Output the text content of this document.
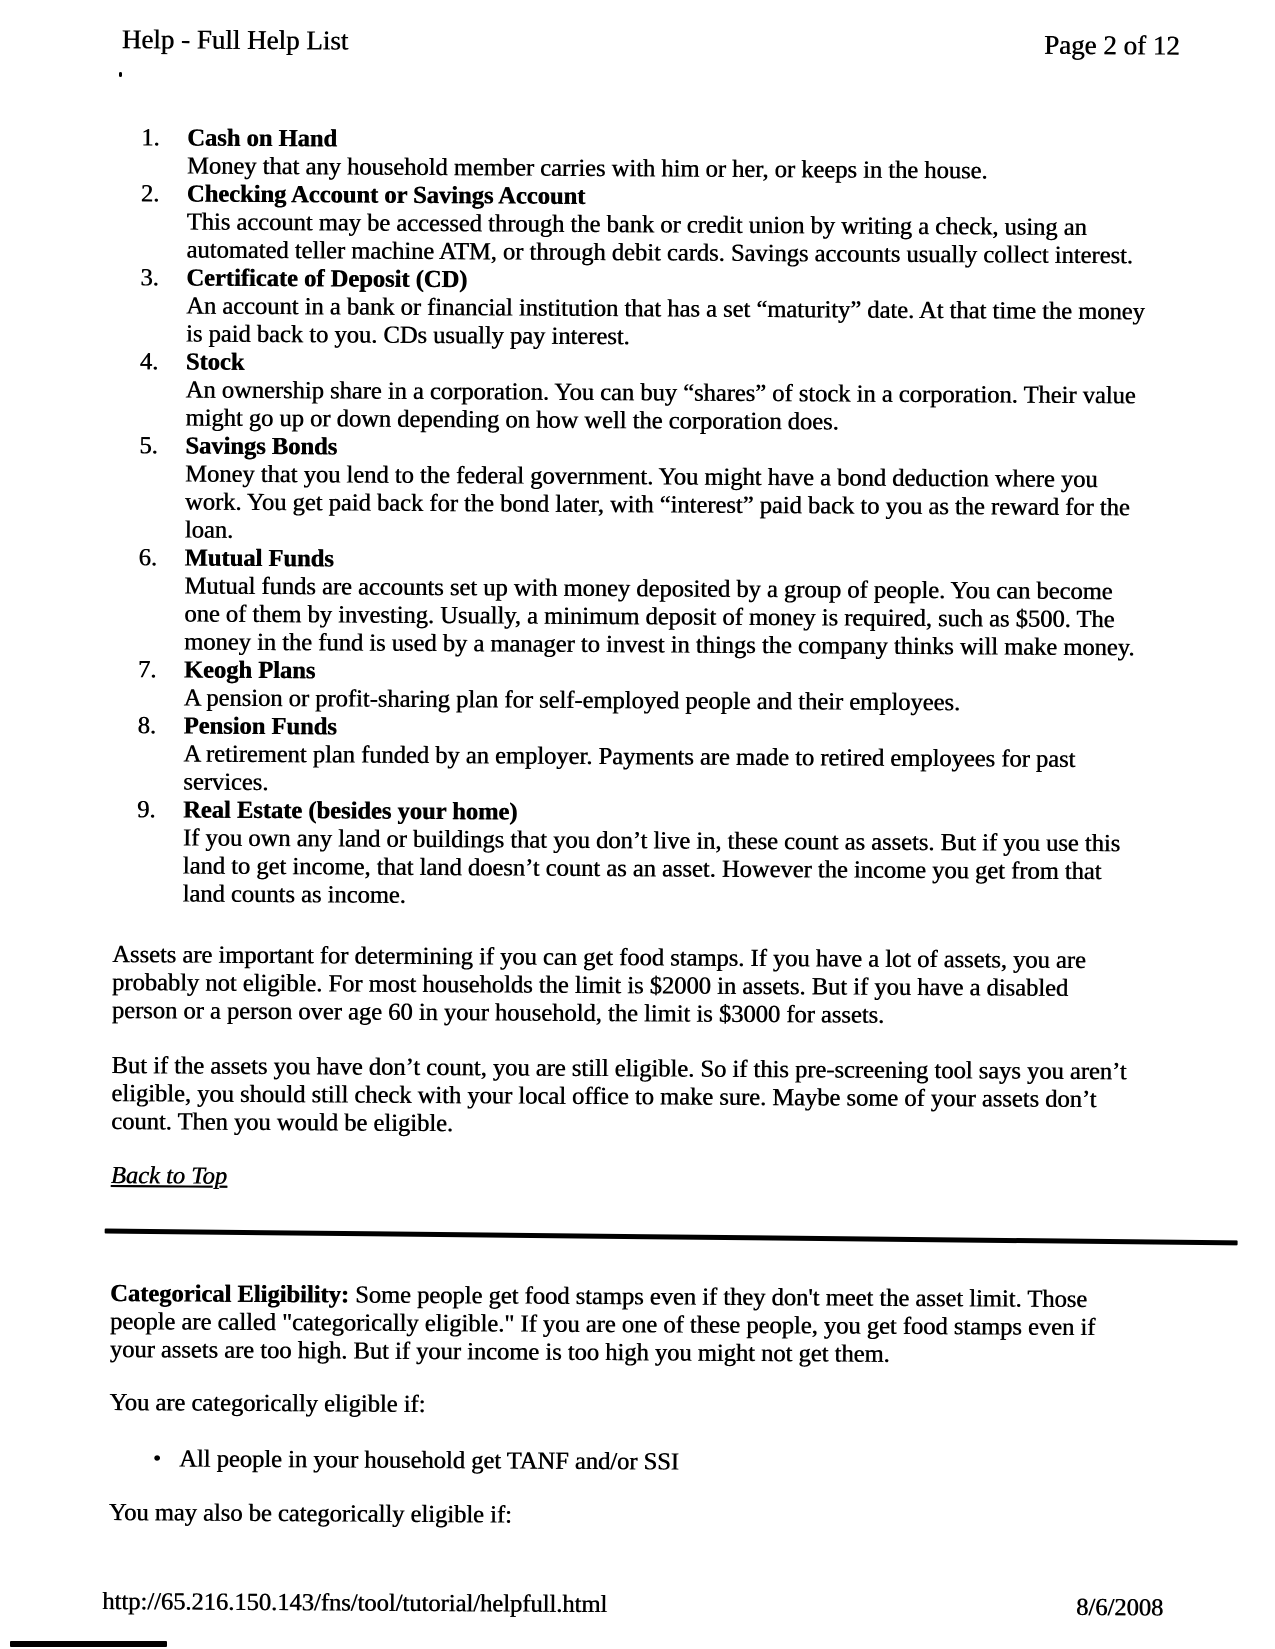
Help - Full Help List	Page 2 of 12
1. Cash on Hand
Money that any household member carries with him or her, or keeps in the house.
2. Checking Account or Savings Account
This account may be accessed through the bank or credit union by writing a check, using an
automated teller machine ATM, or through debit cards. Savings accounts usually collect interest.
3. Certificate of Deposit (CD)
An account in a bank or financial institution that has a set “maturity” date. At that time the money
is paid back to you. CDs usually pay interest.
4. Stock
An ownership share in a corporation. You can buy “shares” of stock in a corporation. Their value
might go up or down depending on how well the corporation does.
5. Savings Bonds
Money that you lend to the federal government. You might have a bond deduction where you
work. You get paid back for the bond later, with “interest” paid back to you as the reward for the
loan.
6. Mutual Funds
Mutual funds are accounts set up with money deposited by a group of people. You can become
one of them by investing. Usually, a minimum deposit of money is required, such as $500. The
money in the fund is used by a manager to invest in things the company thinks will make money.
7. Keogh Plans
A pension or profit-sharing plan for self-employed people and their employees.
8. Pension Funds
A retirement plan funded by an employer. Payments are made to retired employees for past
services.
9. Real Estate (besides your home)
If you own any land or buildings that you don’t live in, these count as assets. But if you use this
land to get income, that land doesn’t count as an asset. However the income you get from that
land counts as income.

Assets are important for determining if you can get food stamps. If you have a lot of assets, you are
probably not eligible. For most households the limit is $2000 in assets. But if you have a disabled
person or a person over age 60 in your household, the limit is $3000 for assets.

But if the assets you have don’t count, you are still eligible. So if this pre-screening tool says you aren’t
eligible, you should still check with your local office to make sure. Maybe some of your assets don’t
count. Then you would be eligible.

Back to Top

Categorical Eligibility: Some people get food stamps even if they don't meet the asset limit. Those
people are called "categorically eligible." If you are one of these people, you get food stamps even if
your assets are too high. But if your income is too high you might not get them.

You are categorically eligible if:

• All people in your household get TANF and/or SSI

You may also be categorically eligible if:

http://65.216.150.143/fns/tool/tutorial/helpfull.html	8/6/2008
